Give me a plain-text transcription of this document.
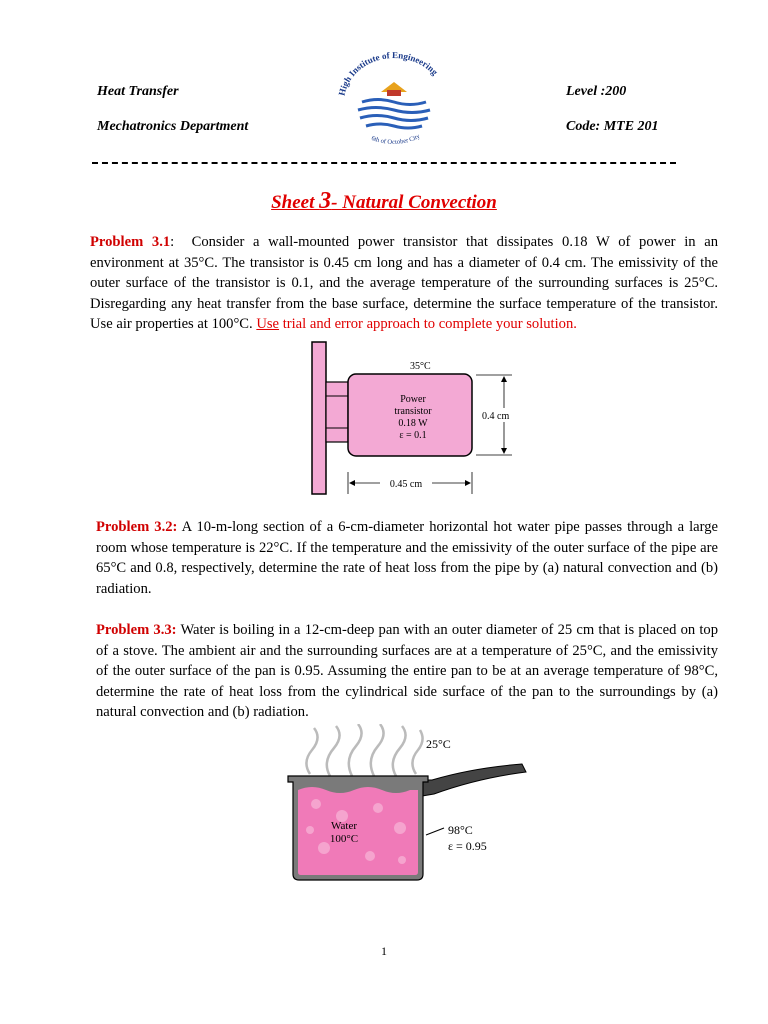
Heat Transfer
Mechatronics Department
Level :200
Code: MTE 201
High Institute of Engineering
6th of October City
Sheet 3- Natural Convection
Problem 3.1: Consider a wall-mounted power transistor that dissipates 0.18 W of power in an environment at 35°C. The transistor is 0.45 cm long and has a diameter of 0.4 cm. The emissivity of the outer surface of the transistor is 0.1, and the average temperature of the surrounding surfaces is 25°C. Disregarding any heat transfer from the base surface, determine the surface temperature of the transistor. Use air properties at 100°C. Use trial and error approach to complete your solution.
35°C
Power
transistor
0.18 W
ε = 0.1
0.4 cm
0.45 cm
Problem 3.2: A 10-m-long section of a 6-cm-diameter horizontal hot water pipe passes through a large room whose temperature is 22°C. If the temperature and the emissivity of the outer surface of the pipe are 65°C and 0.8, respectively, determine the rate of heat loss from the pipe by (a) natural convection and (b) radiation.
Problem 3.3: Water is boiling in a 12-cm-deep pan with an outer diameter of 25 cm that is placed on top of a stove. The ambient air and the surrounding surfaces are at a temperature of 25°C, and the emissivity of the outer surface of the pan is 0.95. Assuming the entire pan to be at an average temperature of 98°C, determine the rate of heat loss from the cylindrical side surface of the pan to the surroundings by (a) natural convection and (b) radiation.
Water
100°C
25°C
98°C
ε = 0.95
1
